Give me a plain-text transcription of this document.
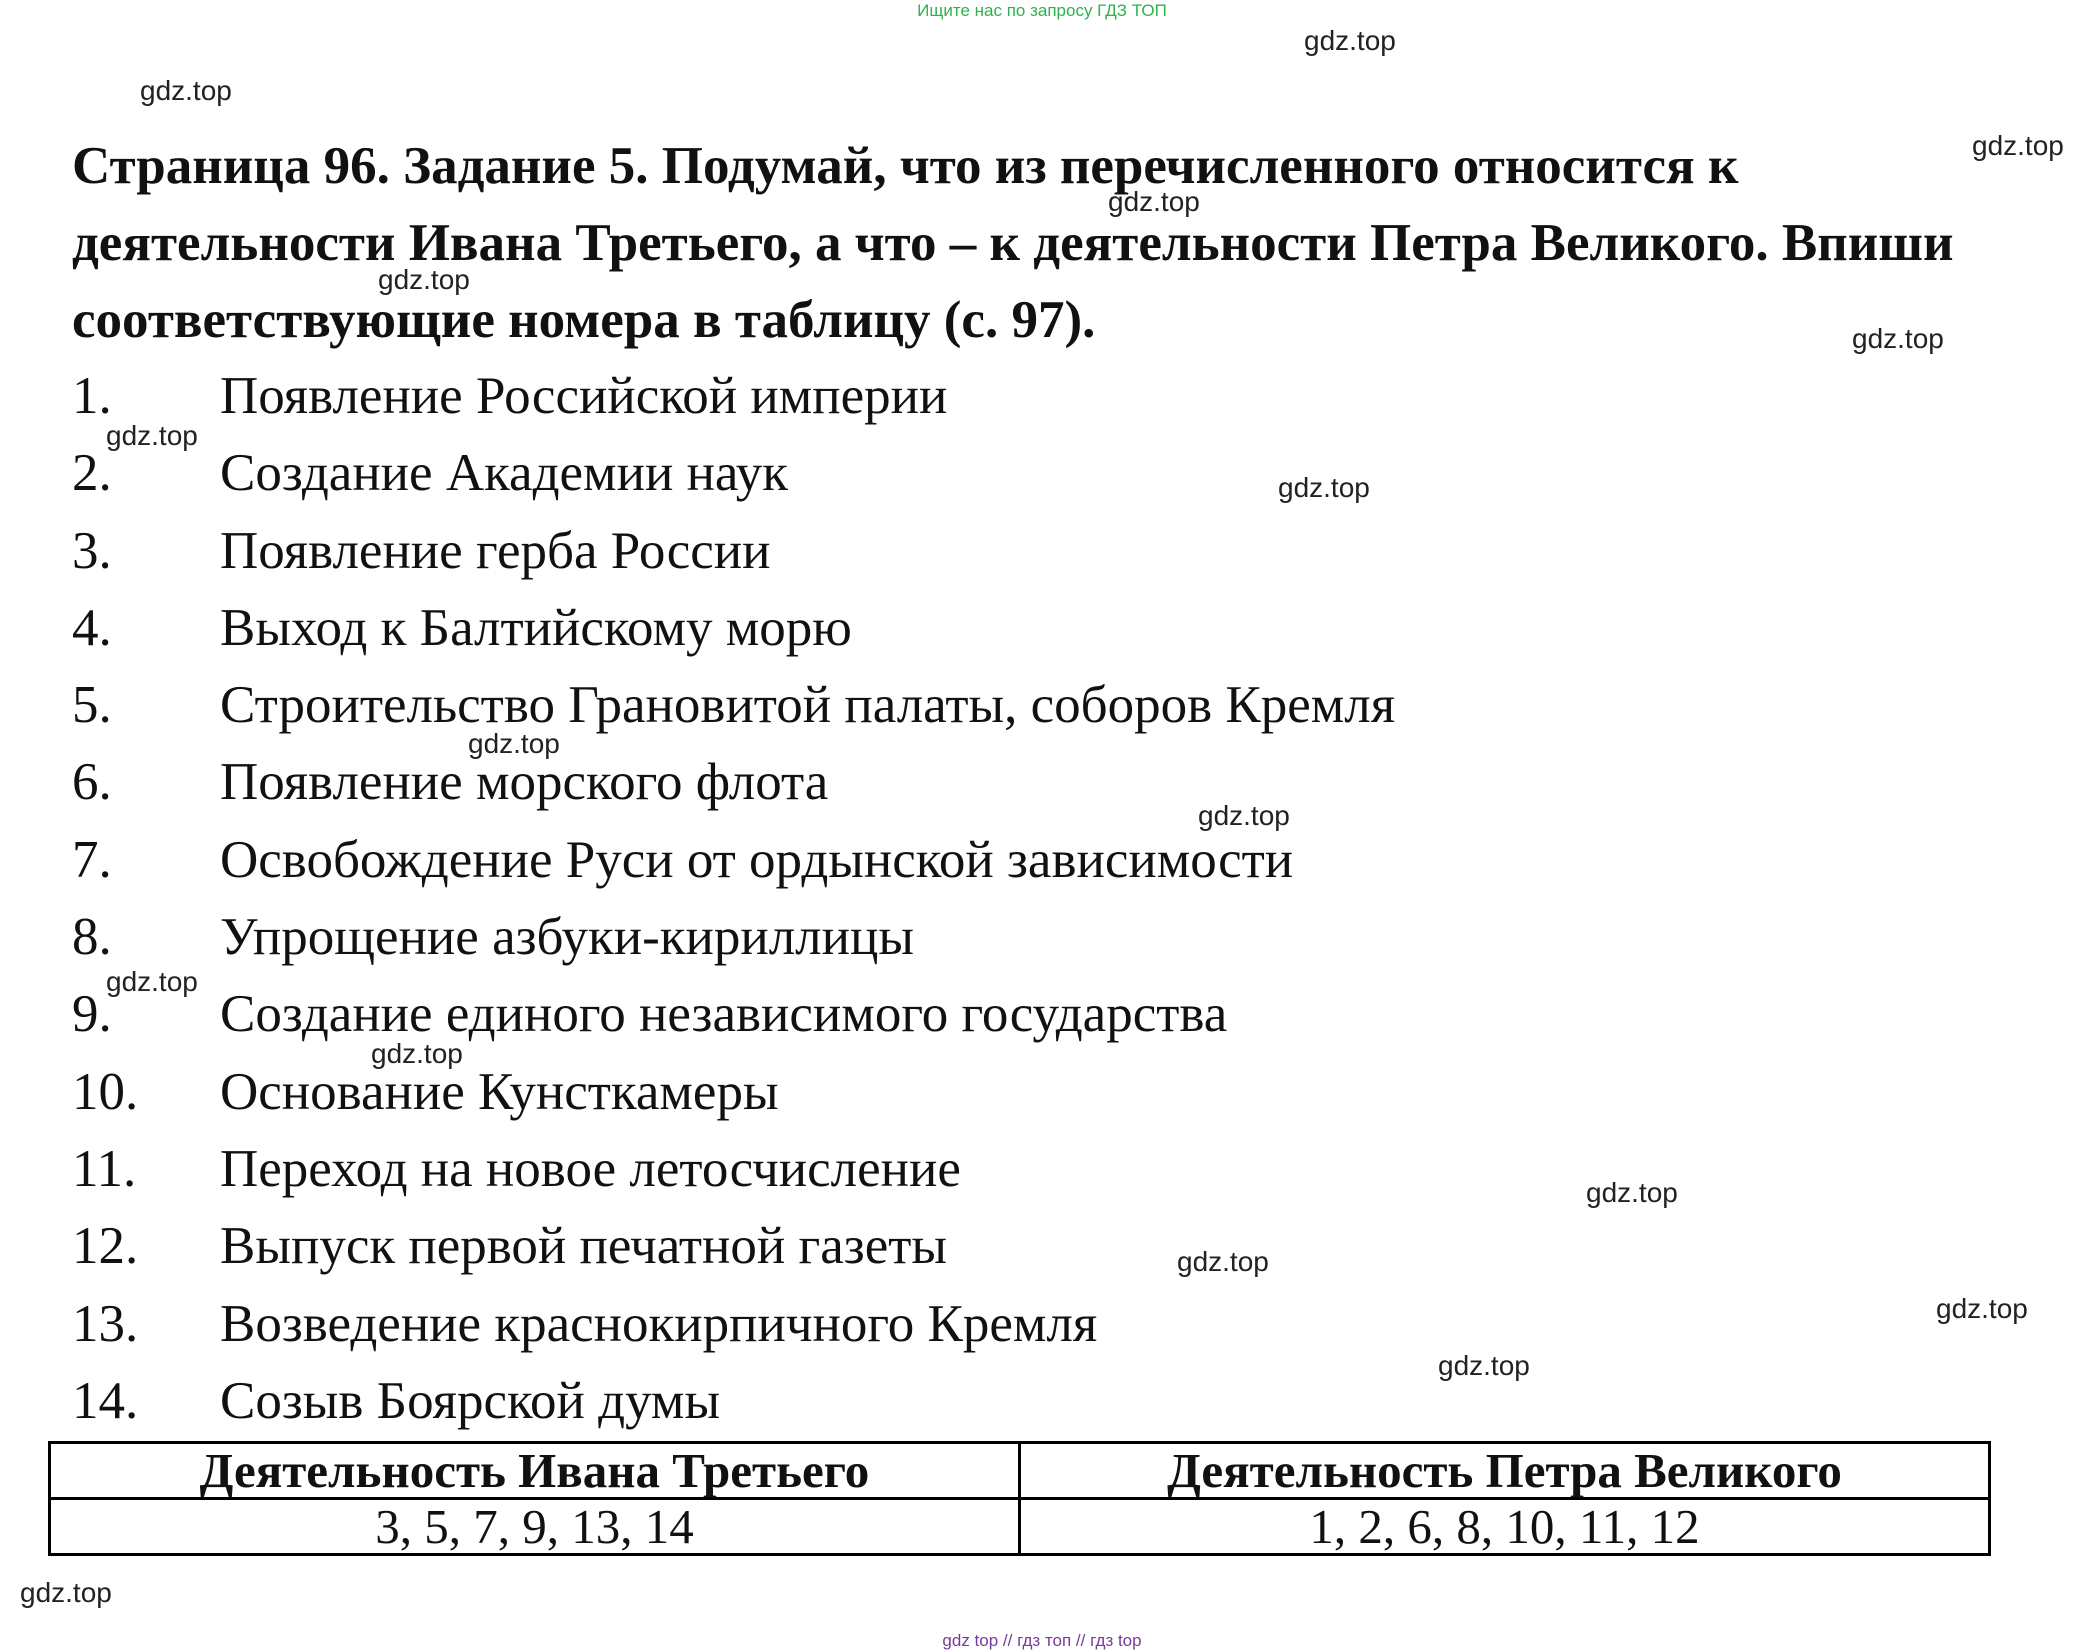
Ищите нас по запросу ГДЗ ТОП
gdz.top
gdz.top
gdz.top
gdz.top
gdz.top
gdz.top
gdz.top
gdz.top
gdz.top
gdz.top
gdz.top
gdz.top
gdz.top
gdz.top
gdz.top
gdz.top
gdz.top
Страница 96. Задание 5. Подумай, что из перечисленного относится к деятельности Ивана Третьего, а что – к деятельности Петра Великого. Впиши соответствующие номера в таблицу (с. 97).
1.	Появление Российской империи
2.	Создание Академии наук
3.	Появление герба России
4.	Выход к Балтийскому морю
5.	Строительство Грановитой палаты, соборов Кремля
6.	Появление морского флота
7.	Освобождение Руси от ордынской зависимости
8.	Упрощение азбуки-кириллицы
9.	Создание единого независимого государства
10.	Основание Кунсткамеры
11.	Переход на новое летосчисление
12.	Выпуск первой печатной газеты
13.	Возведение краснокирпичного Кремля
14.	Созыв Боярской думы
Деятельность Ивана Третьего	Деятельность Петра Великого
3, 5, 7, 9, 13, 14	1, 2, 6, 8, 10, 11, 12
gdz top // гдз топ // гдз top
